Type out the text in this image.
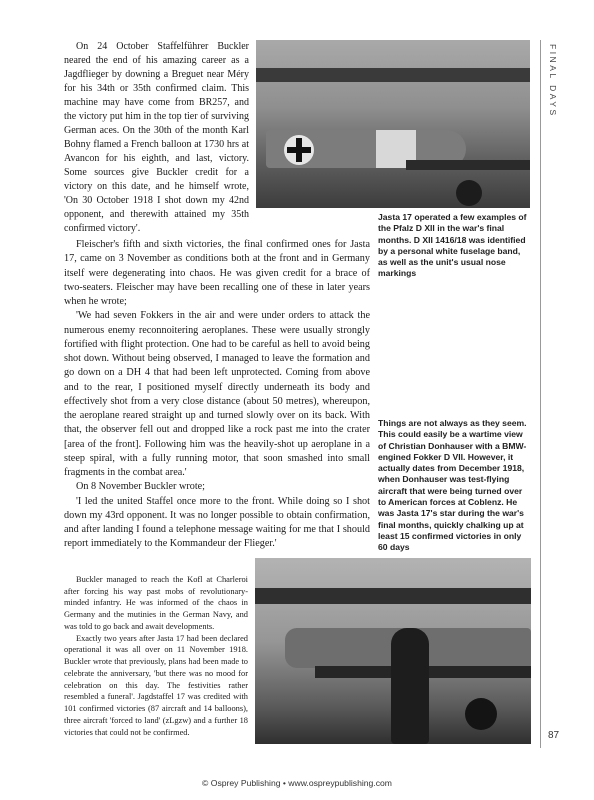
FINAL DAYS
Jasta 17 operated a few examples of the Pfalz D XII in the war's final months. D XII 1416/18 was identified by a personal white fuselage band, as well as the unit's usual nose markings
Things are not always as they seem. This could easily be a wartime view of Christian Donhauser with a BMW-engined Fokker D VII. However, it actually dates from December 1918, when Donhauser was test-flying aircraft that were being turned over to American forces at Coblenz. He was Jasta 17's star during the war's final months, quickly chalking up at least 15 confirmed victories in only 60 days

On 24 October Staffelführer Buckler neared the end of his amazing career as a Jagdflieger by downing a Breguet near Méry for his 34th or 35th confirmed claim. This machine may have come from BR257, and the victory put him in the top tier of surviving German aces. On the 30th of the month Karl Bohny flamed a French balloon at 1730 hrs at Avancon for his eighth, and last, victory. Some sources give Buckler credit for a victory on this date, and he himself wrote, 'On 30 October 1918 I shot down my 42nd opponent, and therewith attained my 35th confirmed victory'.

Fleischer's fifth and sixth victories, the final confirmed ones for Jasta 17, came on 3 November as conditions both at the front and in Germany itself were degenerating into chaos. He was given credit for a brace of two-seaters. Fleischer may have been recalling one of these in later years when he wrote;

'We had seven Fokkers in the air and were under orders to attack the numerous enemy reconnoitering aeroplanes. These were usually strongly fortified with flight protection. One had to be careful as hell to avoid being shot down. Without being observed, I managed to leave the formation and go down on a DH 4 that had been left unprotected. Coming from above and to the rear, I positioned myself directly underneath its body and effectively shot from a very close distance (about 50 metres), whereupon, the aeroplane reared straight up and turned slowly over on its back. With that, the observer fell out and dropped like a rock past me into the crater [area of the front]. Following him was the heavily-shot up aeroplane in a steep spiral, with a fully running motor, that soon smashed into small fragments in the combat area.'

On 8 November Buckler wrote;

'I led the united Staffel once more to the front. While doing so I shot down my 43rd opponent. It was no longer possible to obtain confirmation, and after landing I found a telephone message waiting for me that I should report immediately to the Kommandeur der Flieger.'

Buckler managed to reach the Kofl at Charleroi after forcing his way past mobs of revolutionary-minded infantry. He was informed of the chaos in Germany and the mutinies in the German Navy, and was told to go back and await developments.

Exactly two years after Jasta 17 had been declared operational it was all over on 11 November 1918. Buckler wrote that previously, plans had been made to celebrate the anniversary, 'but there was no mood for celebration on this day. The festivities rather resembled a funeral'. Jagdstaffel 17 was credited with 101 confirmed victories (87 aircraft and 14 balloons), three aircraft 'forced to land' (zLgzw) and a further 18 victories that could not be confirmed.	87
© Osprey Publishing • www.ospreypublishing.com
